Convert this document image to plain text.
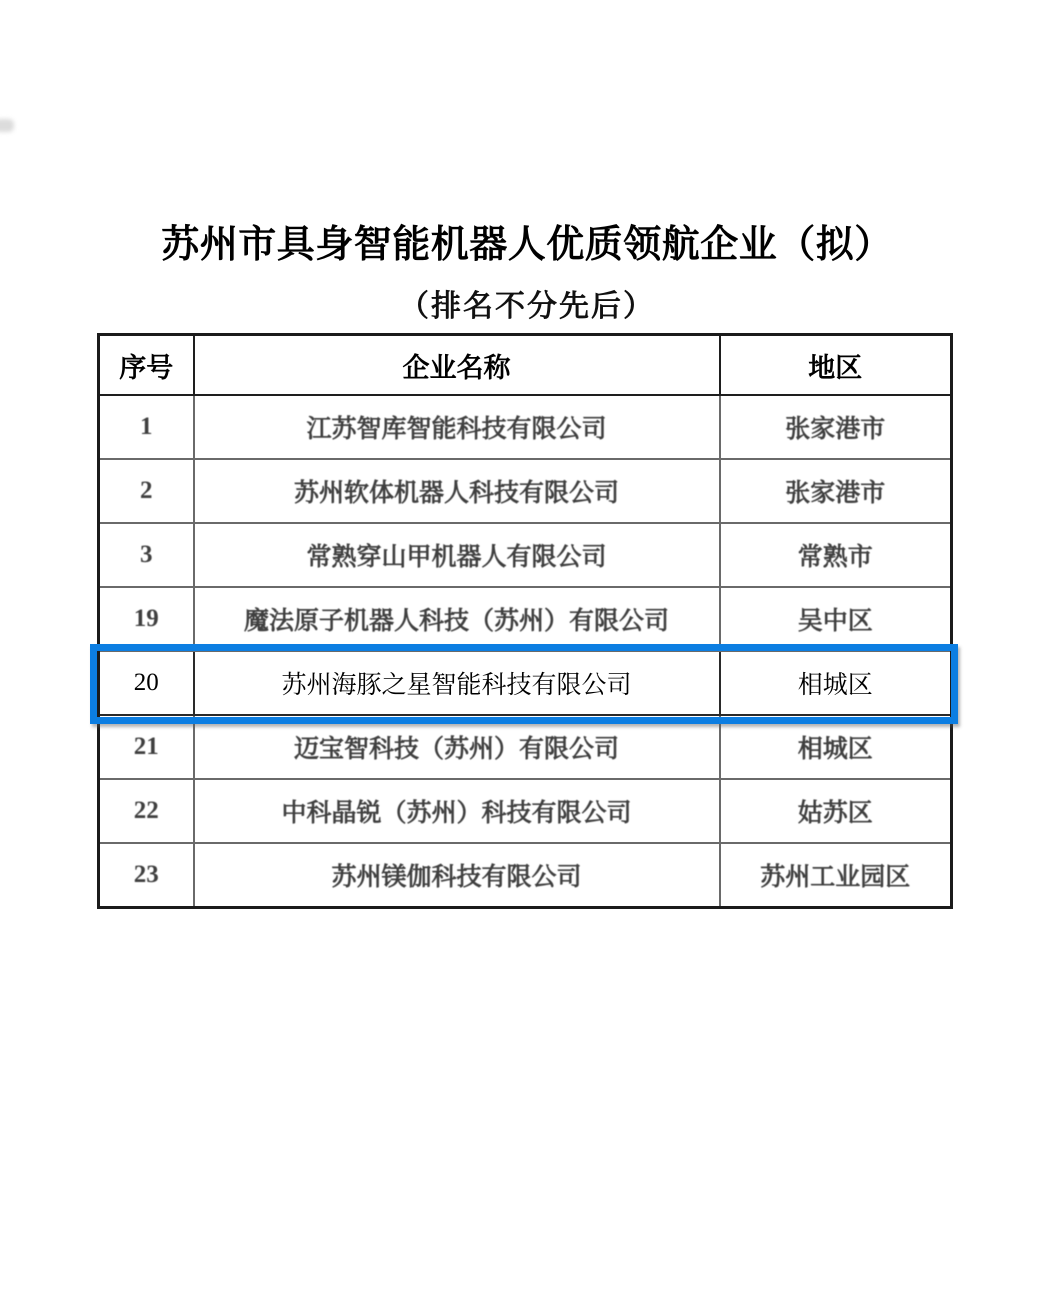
苏州市具身智能机器人优质领航企业（拟）
（排名不分先后）
序号	企业名称	地区
1	江苏智库智能科技有限公司	张家港市
2	苏州软体机器人科技有限公司	张家港市
3	常熟穿山甲机器人有限公司	常熟市
19	魔法原子机器人科技（苏州）有限公司	吴中区
20	苏州海豚之星智能科技有限公司	相城区
21	迈宝智科技（苏州）有限公司	相城区
22	中科晶锐（苏州）科技有限公司	姑苏区
23	苏州镁伽科技有限公司	苏州工业园区
